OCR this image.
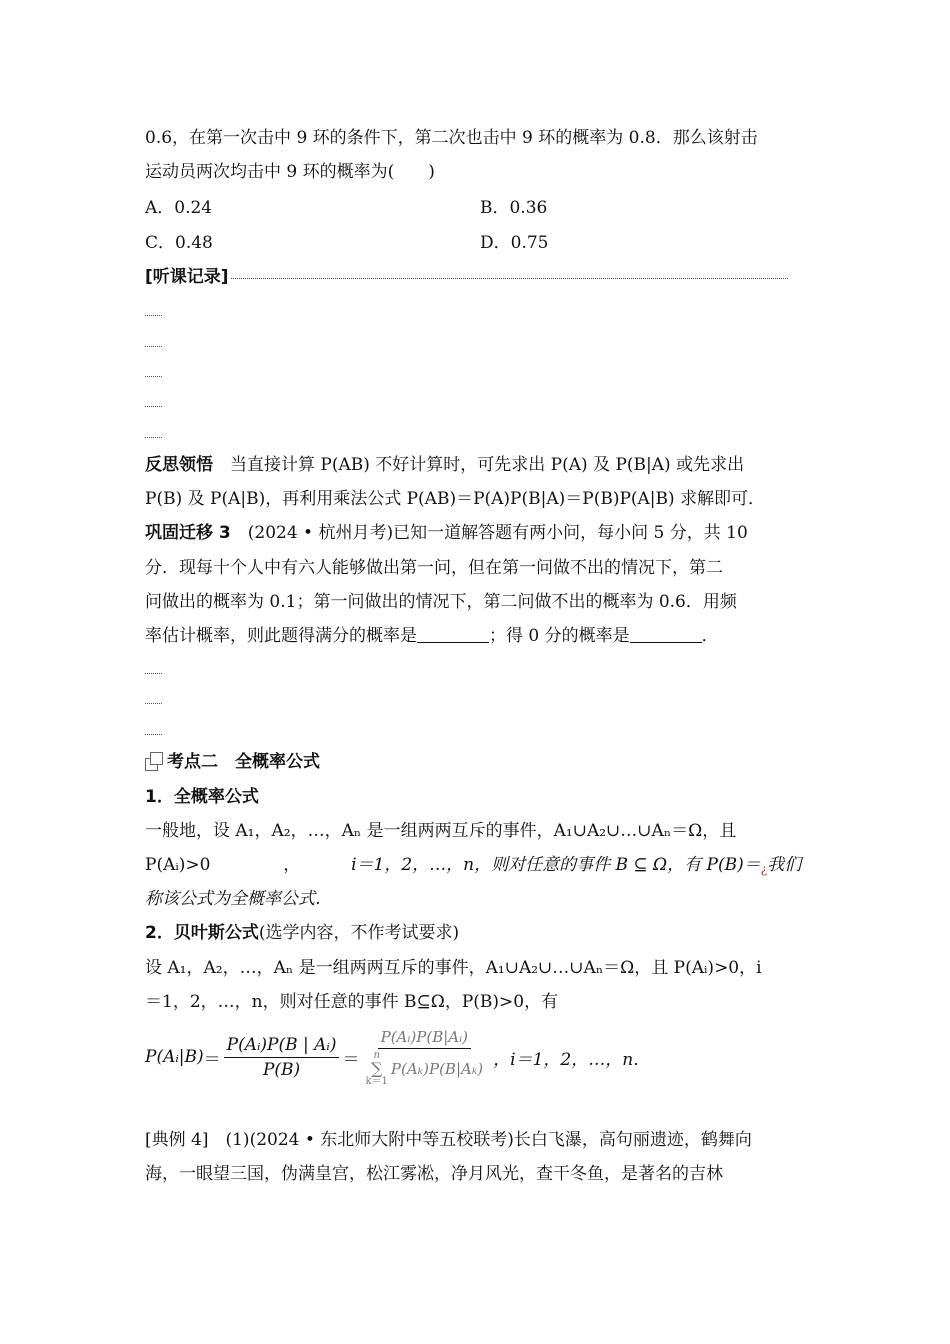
0.6，在第一次击中 9 环的条件下，第二次也击中 9 环的概率为 0.8．那么该射击
运动员两次均击中 9 环的概率为(　　)
A．0.24	B．0.36
C．0.48	D．0.75
[听课记录]
反思领悟　当直接计算 P(AB) 不好计算时，可先求出 P(A) 及 P(B|A) 或先求出
P(B) 及 P(A|B)，再利用乘法公式 P(AB)＝P(A)P(B|A)＝P(B)P(A|B) 求解即可．
巩固迁移 3　(2024 • 杭州月考)已知一道解答题有两小问，每小问 5 分，共 10
分．现每十个人中有六人能够做出第一问，但在第一问做不出的情况下，第二
问做出的概率为 0.1；第一问做出的情况下，第二问做不出的概率为 0.6．用频
率估计概率，则此题得满分的概率是	；得 0 分的概率是	．
考点二　全概率公式
1．全概率公式
一般地，设 A₁，A₂，…，Aₙ 是一组两两互斥的事件，A₁∪A₂∪…∪Aₙ＝Ω，且
P(Aᵢ)>0	，	i＝1，2，…，n，则对任意的事件 B ⊆ Ω，有 P(B)＝¿我们
称该公式为全概率公式．
2．贝叶斯公式(选学内容，不作考试要求)
设 A₁，A₂，…，Aₙ 是一组两两互斥的事件，A₁∪A₂∪…∪Aₙ＝Ω，且 P(Aᵢ)>0，i
＝1，2，…，n，则对任意的事件 B⊆Ω，P(B)>0，有
P(Aᵢ|B) ＝ $\frac{\text{P(Aᵢ)P(B | Aᵢ)}}{P(B)}$ ＝ P(Aᵢ)P(B|Aᵢ)
n
∑
k＝1
P(Aₖ)P(B|Aₖ) ，i＝1，2，…，n．
[典例 4]　(1)(2024 • 东北师大附中等五校联考)长白飞瀑，高句丽遗迹，鹤舞向
海，一眼望三国，伪满皇宫，松江雾凇，净月风光，查干冬鱼，是著名的吉林
